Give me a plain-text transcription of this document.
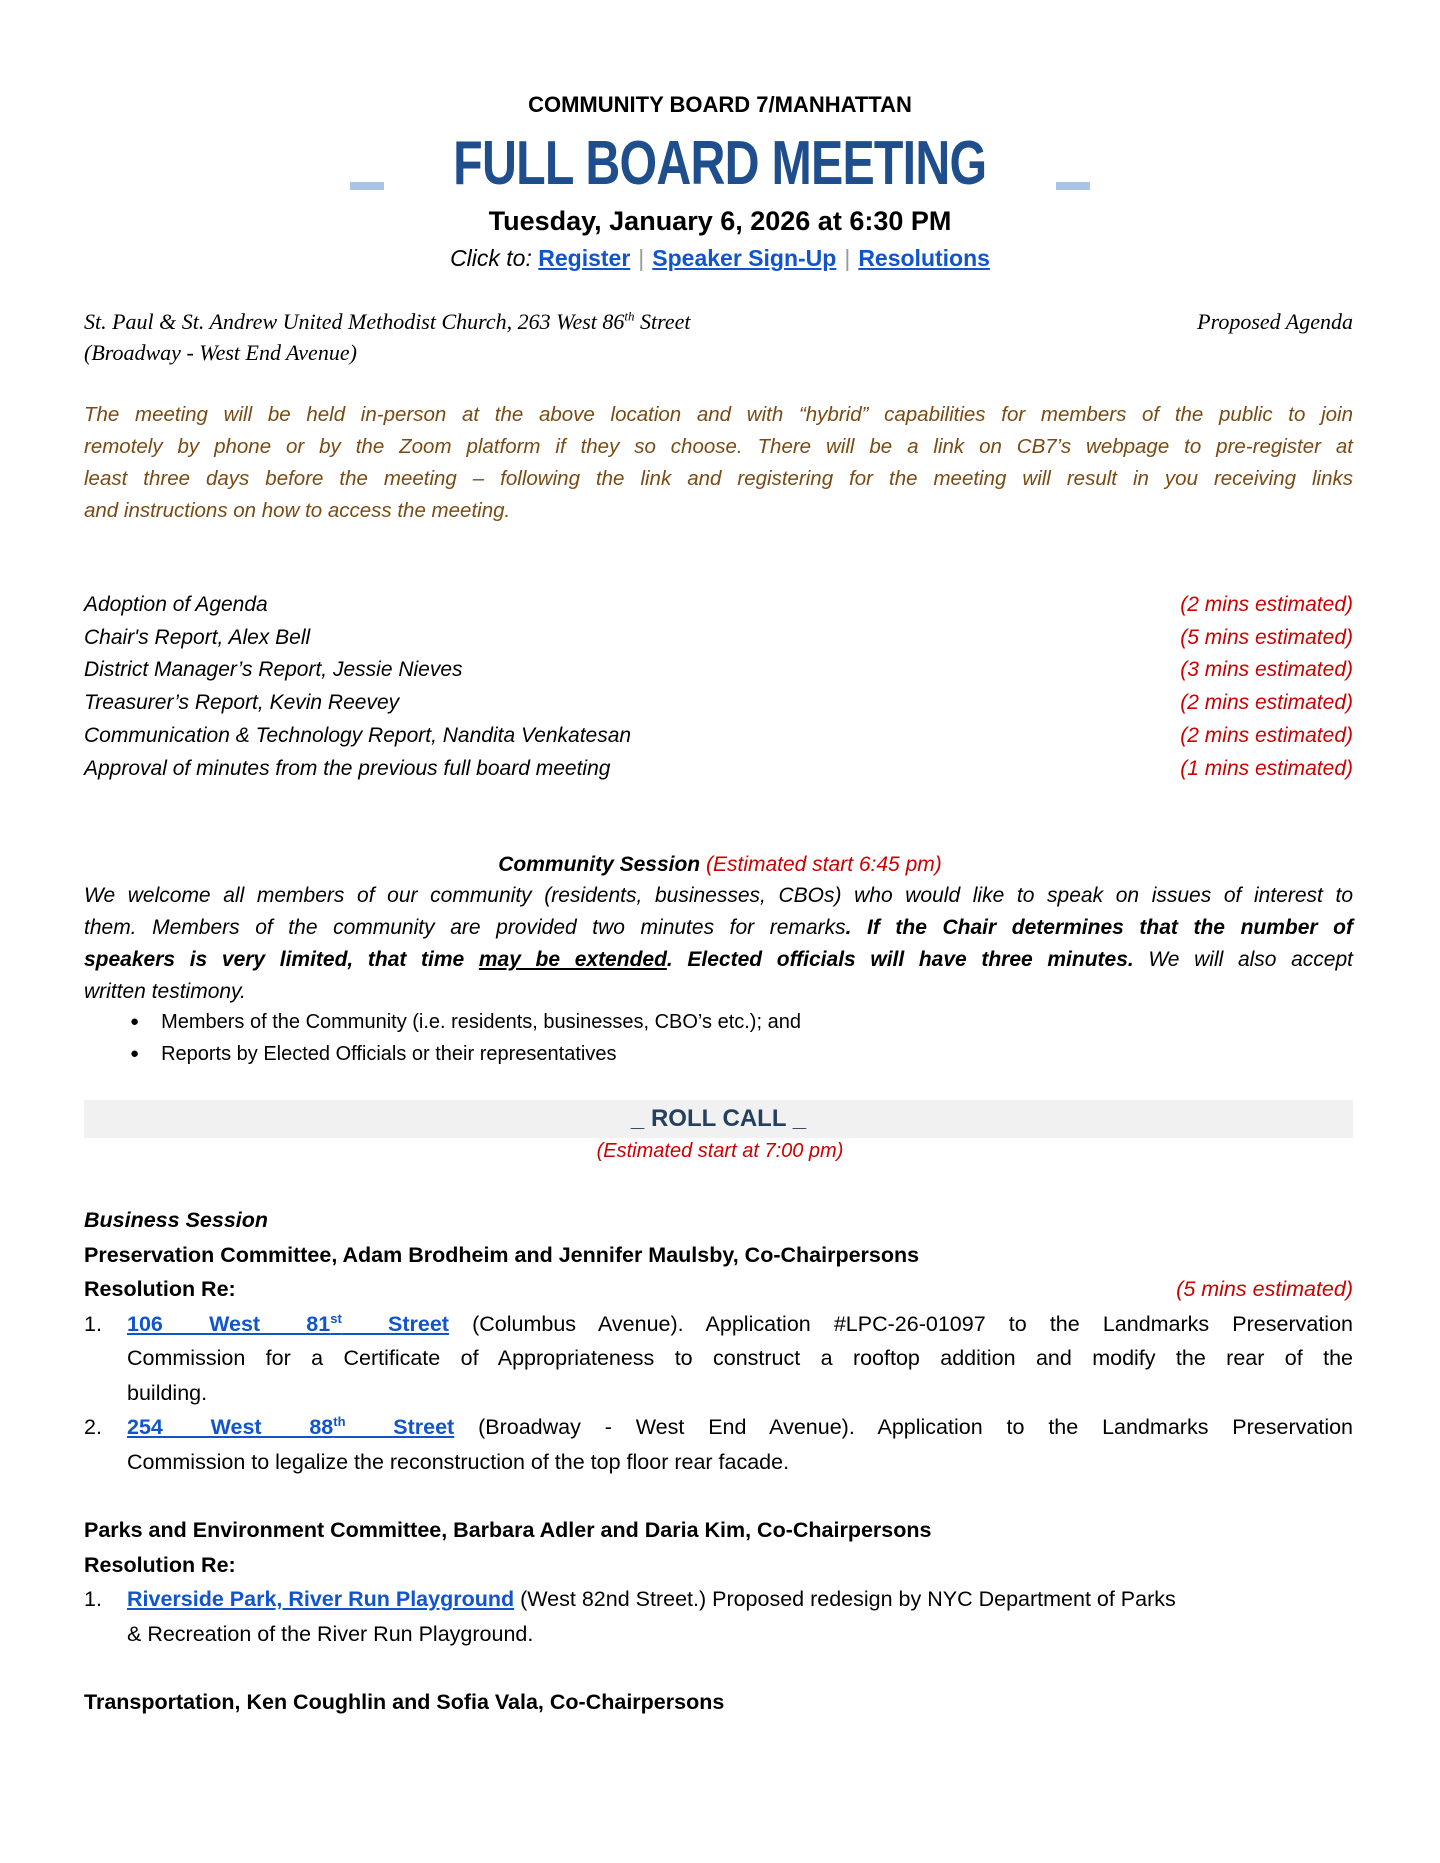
COMMUNITY BOARD 7/MANHATTAN
FULL BOARD MEETING
Tuesday, January 6, 2026 at 6:30 PM
Click to: Register | Speaker Sign-Up | Resolutions
St. Paul & St. Andrew United Methodist Church, 263 West 86th Street
(Broadway - West End Avenue)
Proposed Agenda
The meeting will be held in-person at the above location and with “hybrid” capabilities for members of the public to join
remotely by phone or by the Zoom platform if they so choose. There will be a link on CB7’s webpage to pre-register at
least three days before the meeting – following the link and registering for the meeting will result in you receiving links
and instructions on how to access the meeting.
Adoption of Agenda	(2 mins estimated)
Chair's Report, Alex Bell	(5 mins estimated)
District Manager’s Report, Jessie Nieves	(3 mins estimated)
Treasurer’s Report, Kevin Reevey	(2 mins estimated)
Communication & Technology Report, Nandita Venkatesan	(2 mins estimated)
Approval of minutes from the previous full board meeting	(1 mins estimated)
Community Session (Estimated start 6:45 pm)
We welcome all members of our community (residents, businesses, CBOs) who would like to speak on issues of interest to
them. Members of the community are provided two minutes for remarks. If the Chair determines that the number of
speakers is very limited, that time may be extended. Elected officials will have three minutes. We will also accept
written testimony.
● Members of the Community (i.e. residents, businesses, CBO’s etc.); and
● Reports by Elected Officials or their representatives
_ ROLL CALL _
(Estimated start at 7:00 pm)
Business Session
Preservation Committee, Adam Brodheim and Jennifer Maulsby, Co-Chairpersons
Resolution Re:	(5 mins estimated)
1.	106  West  81st  Street (Columbus Avenue). Application #LPC-26-01097 to the Landmarks Preservation
Commission for a Certificate of Appropriateness to construct a rooftop addition and modify the rear of the
building.
2.	254  West  88th  Street (Broadway - West End Avenue). Application to the Landmarks Preservation
Commission to legalize the reconstruction of the top floor rear facade.
Parks and Environment Committee, Barbara Adler and Daria Kim, Co-Chairpersons
Resolution Re:
1.	Riverside Park, River Run Playground (West 82nd Street.) Proposed redesign by NYC Department of Parks
& Recreation of the River Run Playground.
Transportation, Ken Coughlin and Sofia Vala, Co-Chairpersons
